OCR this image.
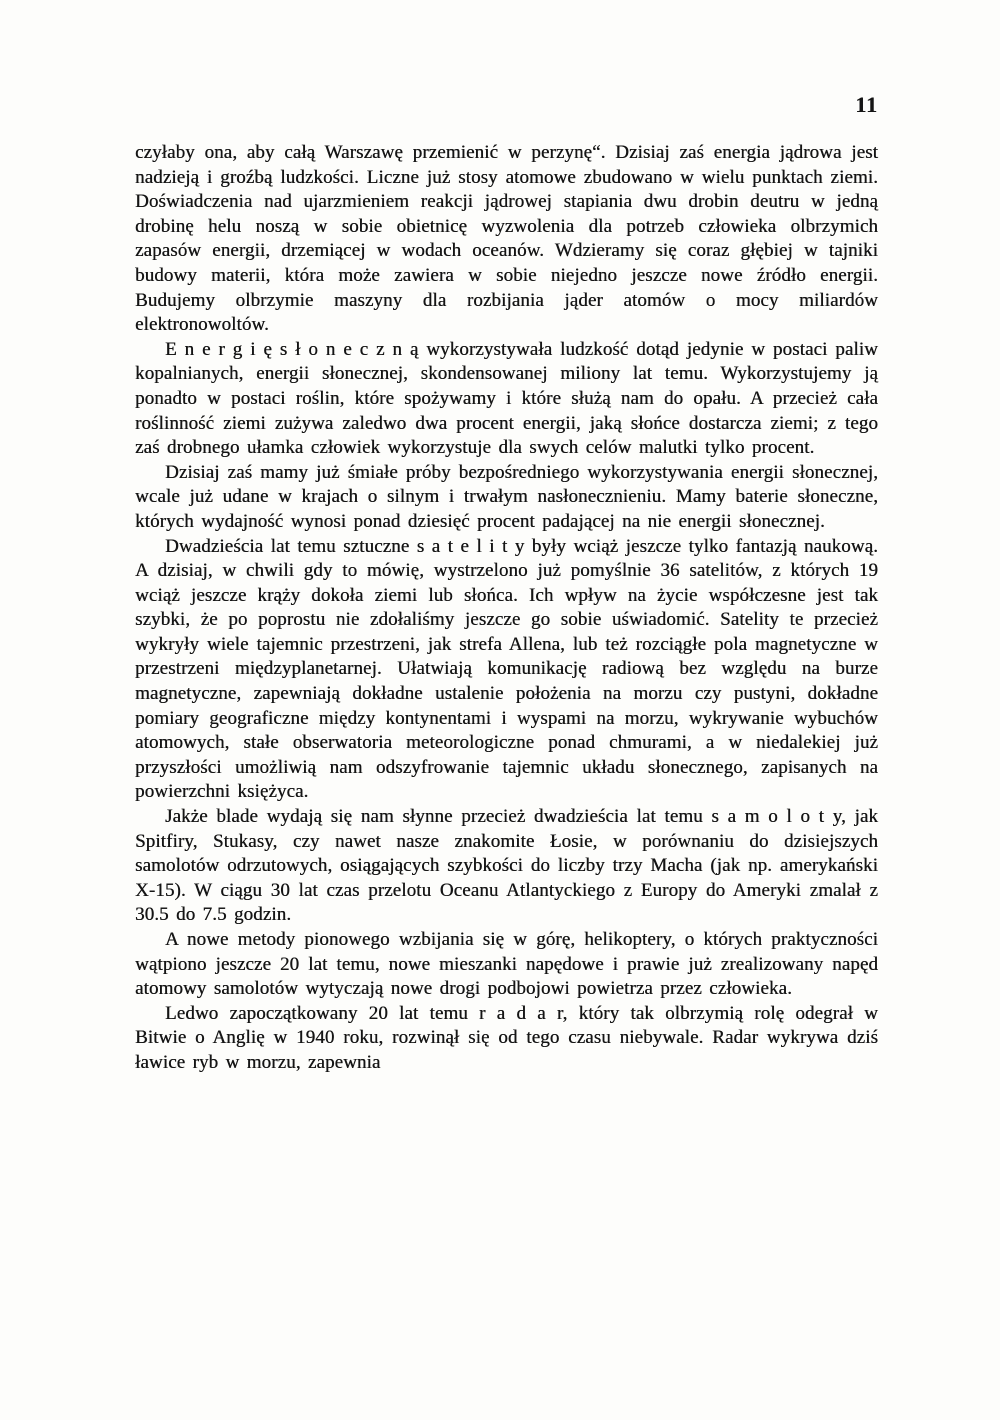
11

czyłaby ona, aby całą Warszawę przemienić w perzynę“. Dzisiaj zaś energia jądrowa jest nadzieją i groźbą ludzkości. Liczne już stosy atomowe zbudowano w wielu punktach ziemi. Doświadczenia nad ujarzmieniem reakcji jądrowej stapiania dwu drobin deutru w jedną drobinę helu noszą w sobie obietnicę wyzwolenia dla potrzeb człowieka olbrzymich zapasów energii, drzemiącej w wodach oceanów. Wdzieramy się coraz głębiej w tajniki budowy materii, która może zawiera w sobie niejedno jeszcze nowe źródło energii. Budujemy olbrzymie maszyny dla rozbijania jąder atomów o mocy miliardów elektronowoltów.

E n e r g i ę s ł o n e c z n ą wykorzystywała ludzkość dotąd jedynie w postaci paliw kopalnianych, energii słonecznej, skondensowanej miliony lat temu. Wykorzystujemy ją ponadto w postaci roślin, które spożywamy i które służą nam do opału. A przecież cała roślinność ziemi zużywa zaledwo dwa procent energii, jaką słońce dostarcza ziemi; z tego zaś drobnego ułamka człowiek wykorzystuje dla swych celów malutki tylko procent.

Dzisiaj zaś mamy już śmiałe próby bezpośredniego wykorzystywania energii słonecznej, wcale już udane w krajach o silnym i trwałym nasłonecznieniu. Mamy baterie słoneczne, których wydajność wynosi ponad dziesięć procent padającej na nie energii słonecznej.

Dwadzieścia lat temu sztuczne s a t e l i t y były wciąż jeszcze tylko fantazją naukową. A dzisiaj, w chwili gdy to mówię, wystrzelono już pomyślnie 36 satelitów, z których 19 wciąż jeszcze krąży dokoła ziemi lub słońca. Ich wpływ na życie współczesne jest tak szybki, że po poprostu nie zdołaliśmy jeszcze go sobie uświadomić. Satelity te przecież wykryły wiele tajemnic przestrzeni, jak strefa Allena, lub też rozciągłe pola magnetyczne w przestrzeni międzyplanetarnej. Ułatwiają komunikację radiową bez względu na burze magnetyczne, zapewniają dokładne ustalenie położenia na morzu czy pustyni, dokładne pomiary geograficzne między kontynentami i wyspami na morzu, wykrywanie wybuchów atomowych, stałe obserwatoria meteorologiczne ponad chmurami, a w niedalekiej już przyszłości umożliwią nam odszyfrowanie tajemnic układu słonecznego, zapisanych na powierzchni księżyca.

Jakże blade wydają się nam słynne przecież dwadzieścia lat temu s a m o l o t y, jak Spitfiry, Stukasy, czy nawet nasze znakomite Łosie, w porównaniu do dzisiejszych samolotów odrzutowych, osiągających szybkości do liczby trzy Macha (jak np. amerykański X-15). W ciągu 30 lat czas przelotu Oceanu Atlantyckiego z Europy do Ameryki zmalał z 30.5 do 7.5 godzin.

A nowe metody pionowego wzbijania się w górę, helikoptery, o których praktyczności wątpiono jeszcze 20 lat temu, nowe mieszanki napędowe i prawie już zrealizowany napęd atomowy samolotów wytyczają nowe drogi podbojowi powietrza przez człowieka.

Ledwo zapoczątkowany 20 lat temu r a d a r, który tak olbrzymią rolę odegrał w Bitwie o Anglię w 1940 roku, rozwinął się od tego czasu niebywale. Radar wykrywa dziś ławice ryb w morzu, zapewnia
